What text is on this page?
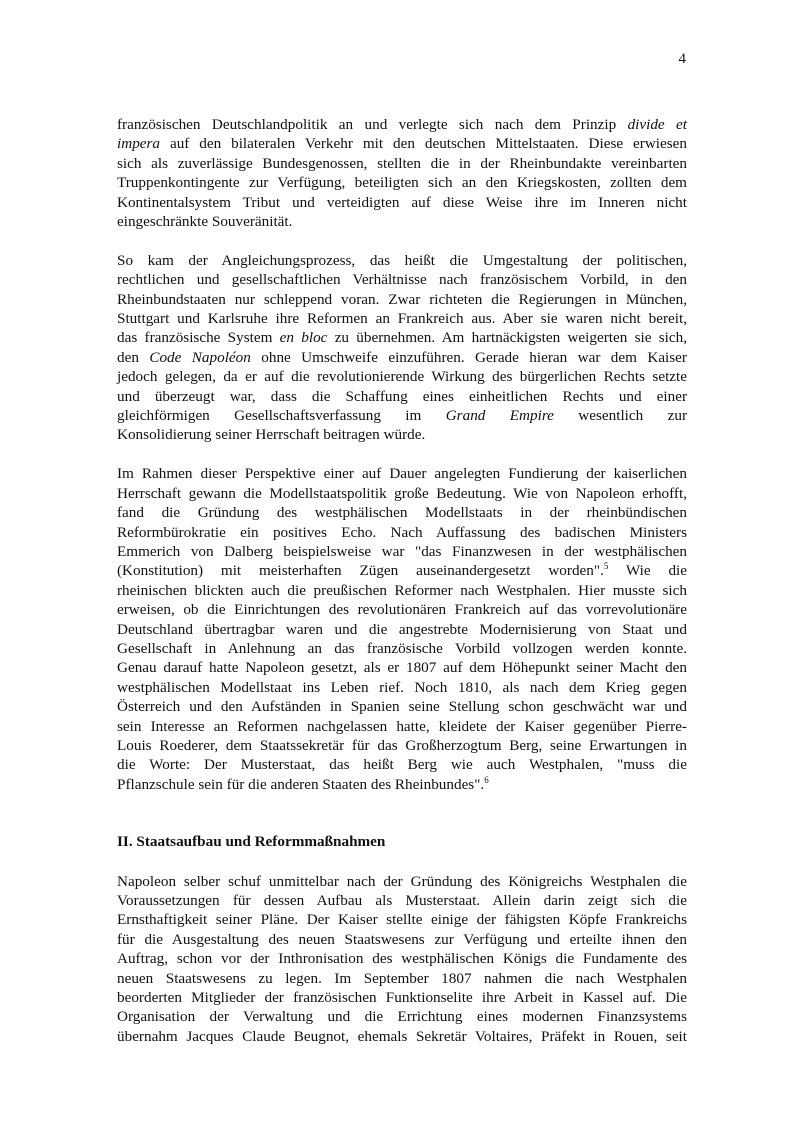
4
französischen Deutschlandpolitik an und verlegte sich nach dem Prinzip divide et
impera auf den bilateralen Verkehr mit den deutschen Mittelstaaten. Diese erwiesen
sich als zuverlässige Bundesgenossen, stellten die in der Rheinbundakte vereinbarten
Truppenkontingente zur Verfügung, beteiligten sich an den Kriegskosten, zollten dem
Kontinentalsystem Tribut und verteidigten auf diese Weise ihre im Inneren nicht
eingeschränkte Souveränität.
So kam der Angleichungsprozess, das heißt die Umgestaltung der politischen,
rechtlichen und gesellschaftlichen Verhältnisse nach französischem Vorbild, in den
Rheinbundstaaten nur schleppend voran. Zwar richteten die Regierungen in München,
Stuttgart und Karlsruhe ihre Reformen an Frankreich aus. Aber sie waren nicht bereit,
das französische System en bloc zu übernehmen. Am hartnäckigsten weigerten sie sich,
den Code Napoléon ohne Umschweife einzuführen. Gerade hieran war dem Kaiser
jedoch gelegen, da er auf die revolutionierende Wirkung des bürgerlichen Rechts setzte
und überzeugt war, dass die Schaffung eines einheitlichen Rechts und einer
gleichförmigen Gesellschaftsverfassung im Grand Empire wesentlich zur
Konsolidierung seiner Herrschaft beitragen würde.
Im Rahmen dieser Perspektive einer auf Dauer angelegten Fundierung der kaiserlichen
Herrschaft gewann die Modellstaatspolitik große Bedeutung. Wie von Napoleon erhofft,
fand die Gründung des westphälischen Modellstaats in der rheinbündischen
Reformbürokratie ein positives Echo. Nach Auffassung des badischen Ministers
Emmerich von Dalberg beispielsweise war "das Finanzwesen in der westphälischen
(Konstitution) mit meisterhaften Zügen auseinandergesetzt worden".$^5$ Wie die
rheinischen blickten auch die preußischen Reformer nach Westphalen. Hier musste sich
erweisen, ob die Einrichtungen des revolutionären Frankreich auf das vorrevolutionäre
Deutschland übertragbar waren und die angestrebte Modernisierung von Staat und
Gesellschaft in Anlehnung an das französische Vorbild vollzogen werden konnte.
Genau darauf hatte Napoleon gesetzt, als er 1807 auf dem Höhepunkt seiner Macht den
westphälischen Modellstaat ins Leben rief. Noch 1810, als nach dem Krieg gegen
Österreich und den Aufständen in Spanien seine Stellung schon geschwächt war und
sein Interesse an Reformen nachgelassen hatte, kleidete der Kaiser gegenüber Pierre-
Louis Roederer, dem Staatssekretär für das Großherzogtum Berg, seine Erwartungen in
die Worte: Der Musterstaat, das heißt Berg wie auch Westphalen, "muss die
Pflanzschule sein für die anderen Staaten des Rheinbundes".$^6$
II. Staatsaufbau und Reformmaßnahmen
Napoleon selber schuf unmittelbar nach der Gründung des Königreichs Westphalen die
Voraussetzungen für dessen Aufbau als Musterstaat. Allein darin zeigt sich die
Ernsthaftigkeit seiner Pläne. Der Kaiser stellte einige der fähigsten Köpfe Frankreichs
für die Ausgestaltung des neuen Staatswesens zur Verfügung und erteilte ihnen den
Auftrag, schon vor der Inthronisation des westphälischen Königs die Fundamente des
neuen Staatswesens zu legen. Im September 1807 nahmen die nach Westphalen
beorderten Mitglieder der französischen Funktionselite ihre Arbeit in Kassel auf. Die
Organisation der Verwaltung und die Errichtung eines modernen Finanzsystems
übernahm Jacques Claude Beugnot, ehemals Sekretär Voltaires, Präfekt in Rouen, seit
